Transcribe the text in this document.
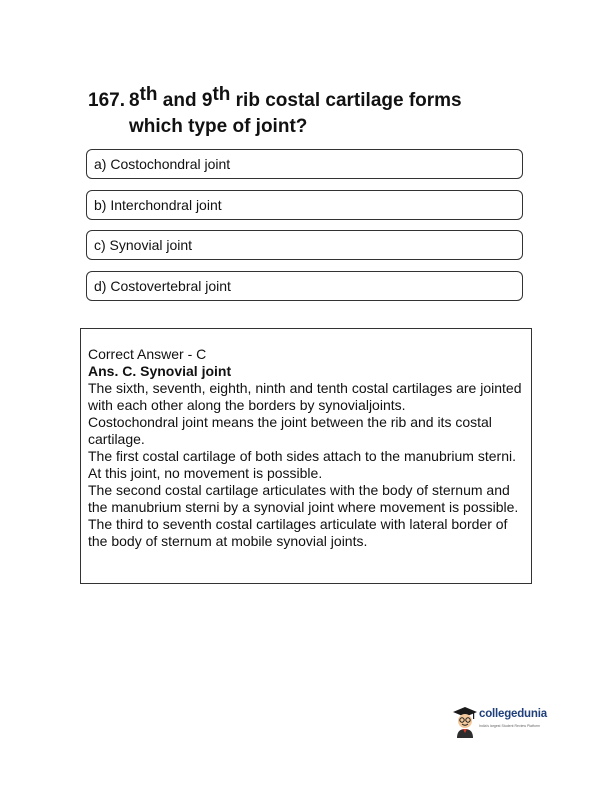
167. 8th and 9th rib costal cartilage forms
which type of joint?
a) Costochondral joint
b) Interchondral joint
c) Synovial joint
d) Costovertebral joint

Correct Answer - C

Ans. C. Synovial joint

The sixth, seventh, eighth, ninth and tenth costal cartilages are jointed with each other along the borders by synovialjoints.

Costochondral joint means the joint between the rib and its costal cartilage.

The first costal cartilage of both sides attach to the manubrium sterni. At this joint, no movement is possible.

The second costal cartilage articulates with the body of sternum and the manubrium sterni by a synovial joint where movement is possible.

The third to seventh costal cartilages articulate with lateral border of the body of sternum at mobile synovial joints.

collegedunia
India's largest Student Review Platform
